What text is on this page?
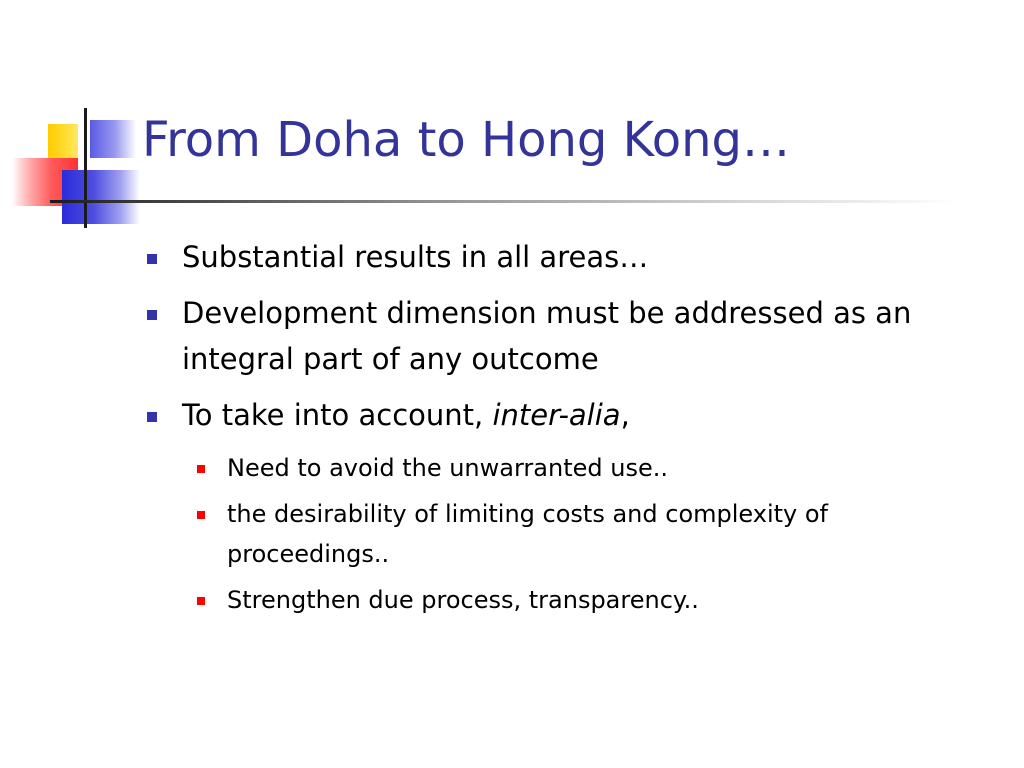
From Doha to Hong Kong…
Substantial results in all areas…
Development dimension must be addressed as an integral part of any outcome
To take into account, inter-alia,
Need to avoid the unwarranted use..
the desirability of limiting costs and complexity of proceedings..
Strengthen due process, transparency..
